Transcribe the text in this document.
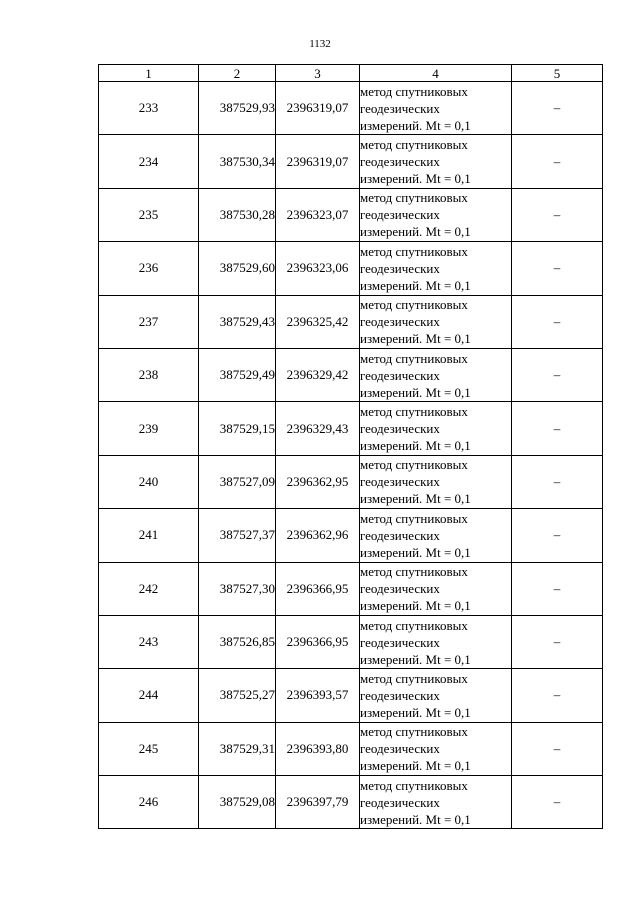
1132
1	2	3	4	5
233	387529,93	2396319,07	метод спутниковых
геодезических
измерений. Mt = 0,1	–
234	387530,34	2396319,07	метод спутниковых
геодезических
измерений. Mt = 0,1	–
235	387530,28	2396323,07	метод спутниковых
геодезических
измерений. Mt = 0,1	–
236	387529,60	2396323,06	метод спутниковых
геодезических
измерений. Mt = 0,1	–
237	387529,43	2396325,42	метод спутниковых
геодезических
измерений. Mt = 0,1	–
238	387529,49	2396329,42	метод спутниковых
геодезических
измерений. Mt = 0,1	–
239	387529,15	2396329,43	метод спутниковых
геодезических
измерений. Mt = 0,1	–
240	387527,09	2396362,95	метод спутниковых
геодезических
измерений. Mt = 0,1	–
241	387527,37	2396362,96	метод спутниковых
геодезических
измерений. Mt = 0,1	–
242	387527,30	2396366,95	метод спутниковых
геодезических
измерений. Mt = 0,1	–
243	387526,85	2396366,95	метод спутниковых
геодезических
измерений. Mt = 0,1	–
244	387525,27	2396393,57	метод спутниковых
геодезических
измерений. Mt = 0,1	–
245	387529,31	2396393,80	метод спутниковых
геодезических
измерений. Mt = 0,1	–
246	387529,08	2396397,79	метод спутниковых
геодезических
измерений. Mt = 0,1	–
